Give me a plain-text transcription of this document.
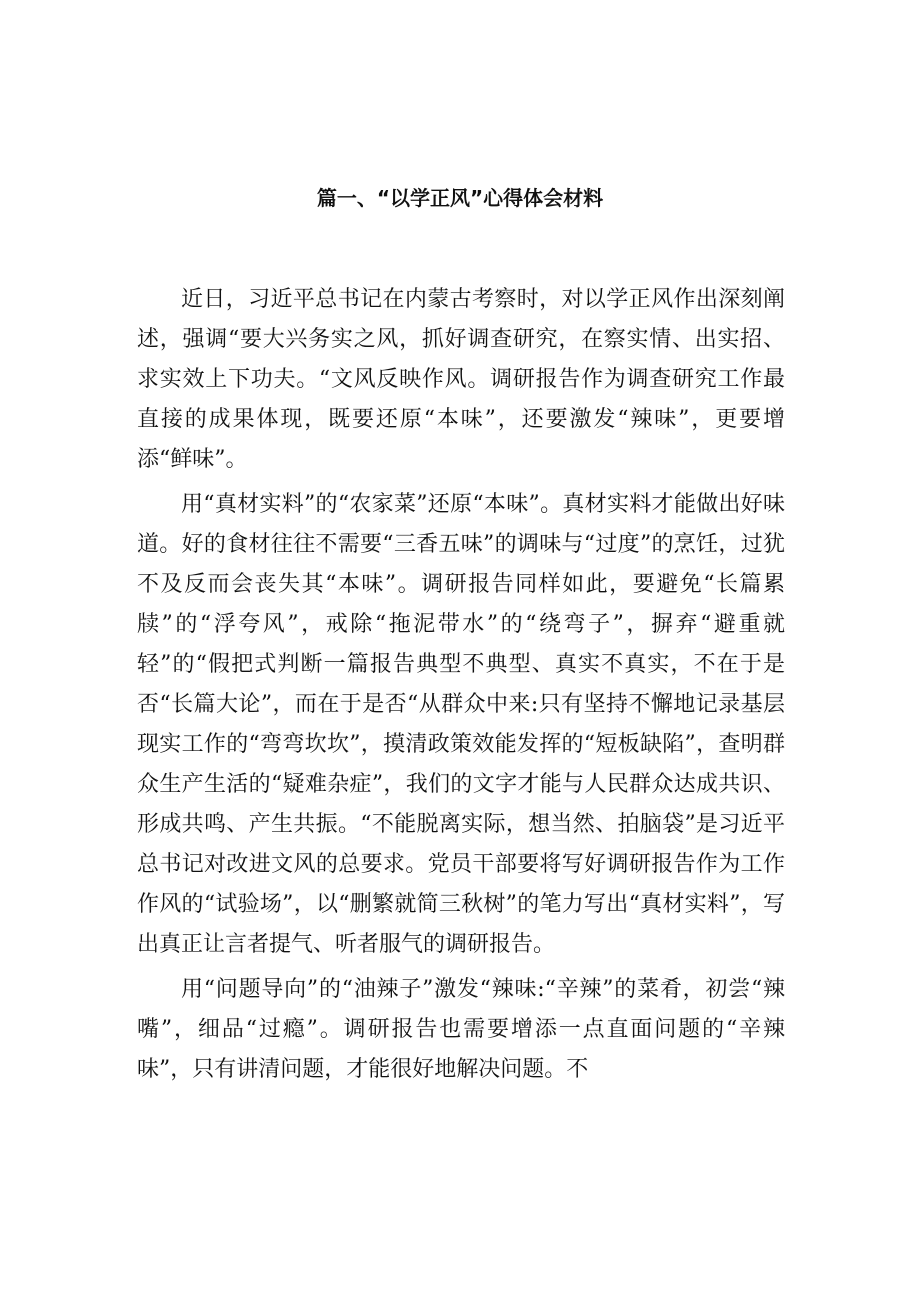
篇一、“以学正风”心得体会材料

近日，习近平总书记在内蒙古考察时，对以学正风作出深刻阐述，强调“要大兴务实之风，抓好调查研究，在察实情、出实招、求实效上下功夫。“文风反映作风。调研报告作为调查研究工作最直接的成果体现，既要还原“本味”，还要激发“辣味”，更要增添“鲜味”。

用“真材实料”的“农家菜”还原“本味”。真材实料才能做出好味道。好的食材往往不需要“三香五味”的调味与“过度”的烹饪，过犹不及反而会丧失其“本味”。调研报告同样如此，要避免“长篇累牍”的“浮夸风”，戒除“拖泥带水”的“绕弯子”，摒弃“避重就轻”的“假把式判断一篇报告典型不典型、真实不真实，不在于是否“长篇大论”，而在于是否“从群众中来:只有坚持不懈地记录基层现实工作的“弯弯坎坎”，摸清政策效能发挥的“短板缺陷”，查明群众生产生活的“疑难杂症”，我们的文字才能与人民群众达成共识、形成共鸣、产生共振。“不能脱离实际，想当然、拍脑袋”是习近平总书记对改进文风的总要求。党员干部要将写好调研报告作为工作作风的“试验场”，以“删繁就简三秋树”的笔力写出“真材实料”，写出真正让言者提气、听者服气的调研报告。

用“问题导向”的“油辣子”激发“辣味:“辛辣”的菜肴，初尝“辣嘴”，细品“过瘾”。调研报告也需要增添一点直面问题的“辛辣味”，只有讲清问题，才能很好地解决问题。不
